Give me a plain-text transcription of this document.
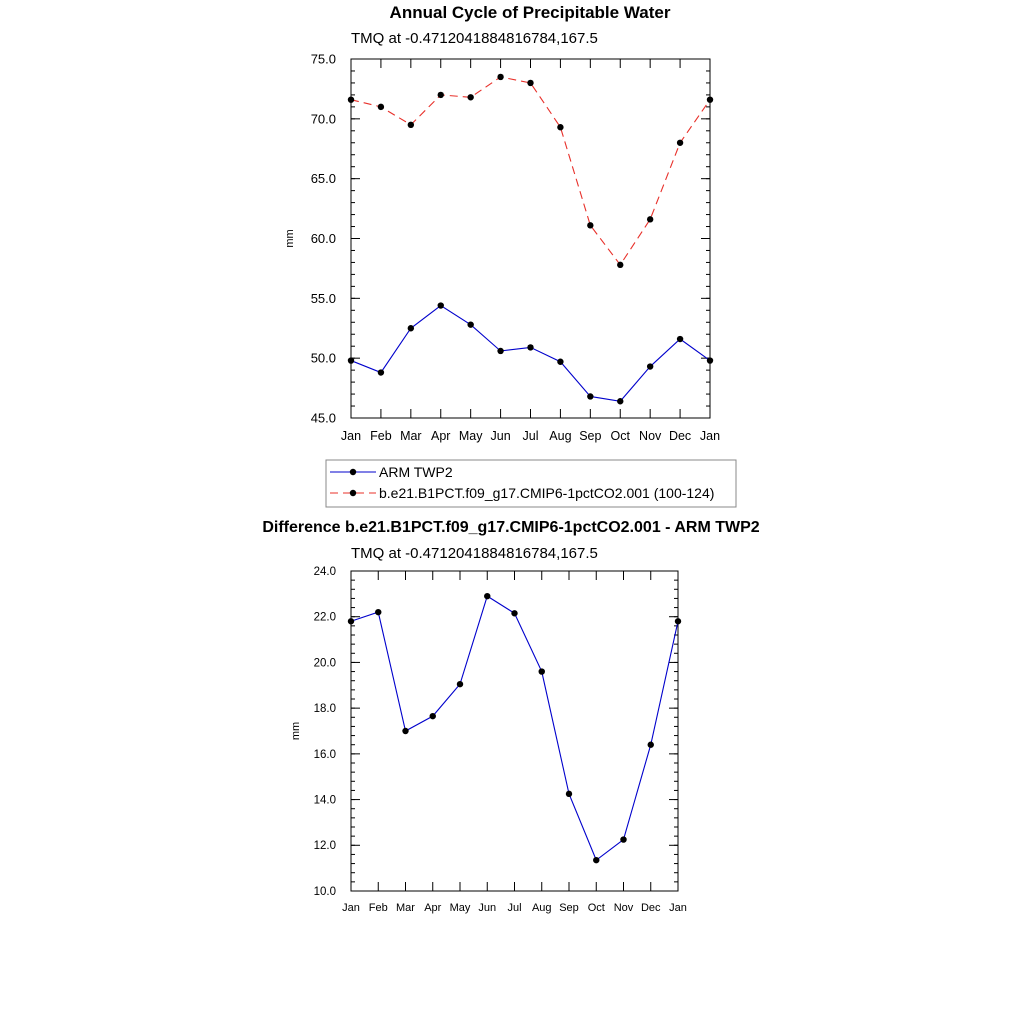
Annual Cycle of Precipitable Water
TMQ at -0.4712041884816784,167.5
Difference b.e21.B1PCT.f09_g17.CMIP6-1pctCO2.001 - ARM TWP2
TMQ at -0.4712041884816784,167.5
45.0
50.0
55.0
60.0
65.0
70.0
75.0
Jan Feb Mar Apr May Jun Jul Aug Sep Oct Nov Dec Jan
mm
10.0
12.0
14.0
16.0
18.0
20.0
22.0
24.0
Jan Feb Mar Apr May Jun Jul Aug Sep Oct Nov Dec Jan
mm
ARM TWP2
b.e21.B1PCT.f09_g17.CMIP6-1pctCO2.001 (100-124)
